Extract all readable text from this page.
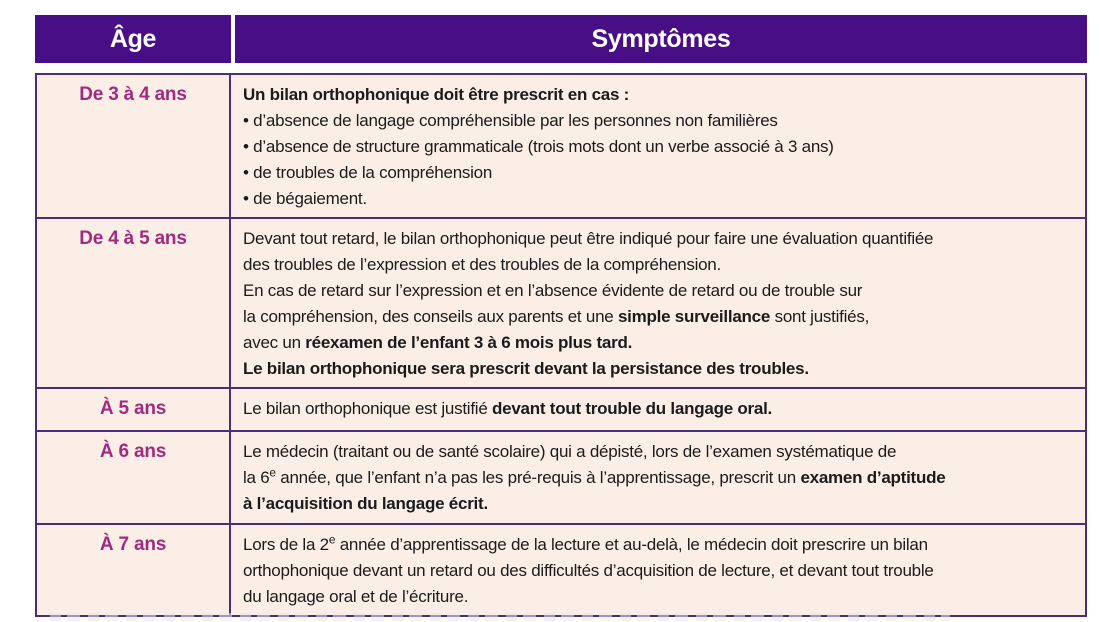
Âge	Symptômes
De 3 à 4 ans	Un bilan orthophonique doit être prescrit en cas :
• d’absence de langage compréhensible par les personnes non familières
• d’absence de structure grammaticale (trois mots dont un verbe associé à 3 ans)
• de troubles de la compréhension
• de bégaiement.
De 4 à 5 ans	Devant tout retard, le bilan orthophonique peut être indiqué pour faire une évaluation quantifiée
des troubles de l’expression et des troubles de la compréhension.
En cas de retard sur l’expression et en l’absence évidente de retard ou de trouble sur
la compréhension, des conseils aux parents et une simple surveillance sont justifiés,
avec un réexamen de l’enfant 3 à 6 mois plus tard.
Le bilan orthophonique sera prescrit devant la persistance des troubles.
À 5 ans	Le bilan orthophonique est justifié devant tout trouble du langage oral.
À 6 ans	Le médecin (traitant ou de santé scolaire) qui a dépisté, lors de l’examen systématique de
la 6e année, que l’enfant n’a pas les pré-requis à l’apprentissage, prescrit un examen d’aptitude
à l’acquisition du langage écrit.
À 7 ans	Lors de la 2e année d’apprentissage de la lecture et au-delà, le médecin doit prescrire un bilan
orthophonique devant un retard ou des difficultés d’acquisition de lecture, et devant tout trouble
du langage oral et de l’écriture.
